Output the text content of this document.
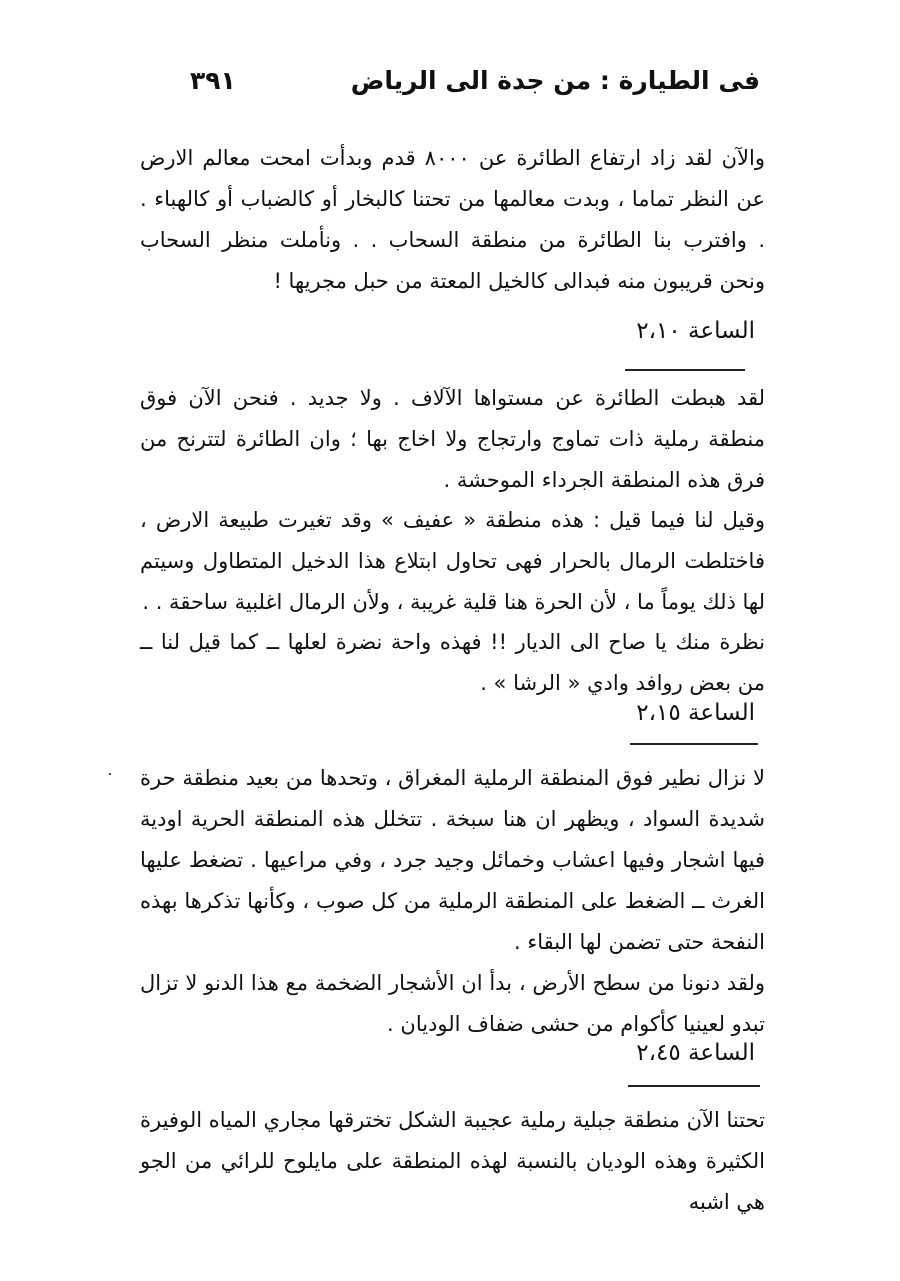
فى الطيارة : من جدة الى الرياض
٣٩١

والآن لقد زاد ارتفاع الطائرة عن ٨٠٠٠ قدم وبدأت امحت معالم الارض عن النظر تماما ، وبدت معالمها من تحتنا كالبخار أو كالضباب أو كالهباء . . وافترب بنا الطائرة من منطقة السحاب . . ونأملت منظر السحاب ونحن قريبون منه فبدالى كالخيل المعتة من حبل مجريها !

الساعة ٢،١٠

لقد هبطت الطائرة عن مستواها الآلاف . ولا جديد . فنحن الآن فوق منطقة رملية ذات تماوج وارتجاج ولا اخاج بها ؛ وان الطائرة لتترنح من فرق هذه المنطقة الجرداء الموحشة .

وقيل لنا فيما قيل : هذه منطقة « عفيف » وقد تغيرت طبيعة الارض ، فاختلطت الرمال بالحرار فهى تحاول ابتلاع هذا الدخيل المتطاول وسيتم لها ذلك يوماً ما ، لأن الحرة هنا قلية غريبة ، ولأن الرمال اغلبية ساحقة . .

نظرة منك يا صاح الى الديار !! فهذه واحة نضرة لعلها ــ كما قيل لنا ــ من بعض روافد وادي « الرشا » .

الساعة ٢،١٥

لا نزال نطير فوق المنطقة الرملية المغراق ، وتحدها من بعيد منطقة حرة شديدة السواد ، ويظهر ان هنا سبخة . تتخلل هذه المنطقة الحرية اودية فيها اشجار وفيها اعشاب وخمائل وجيد جرد ، وفي مراعيها . تضغط عليها الغرث ــ الضغط على المنطقة الرملية من كل صوب ، وكأنها تذكرها بهذه النفحة حتى تضمن لها البقاء .

ولقد دنونا من سطح الأرض ، بدأ ان الأشجار الضخمة مع هذا الدنو لا تزال تبدو لعينيا كأكوام من حشى ضفاف الوديان .

الساعة ٢،٤٥

تحتنا الآن منطقة جبلية رملية عجيبة الشكل تخترقها مجاري المياه الوفيرة الكثيرة وهذه الوديان بالنسبة لهذه المنطقة على مايلوح للرائي من الجو هي اشبه
